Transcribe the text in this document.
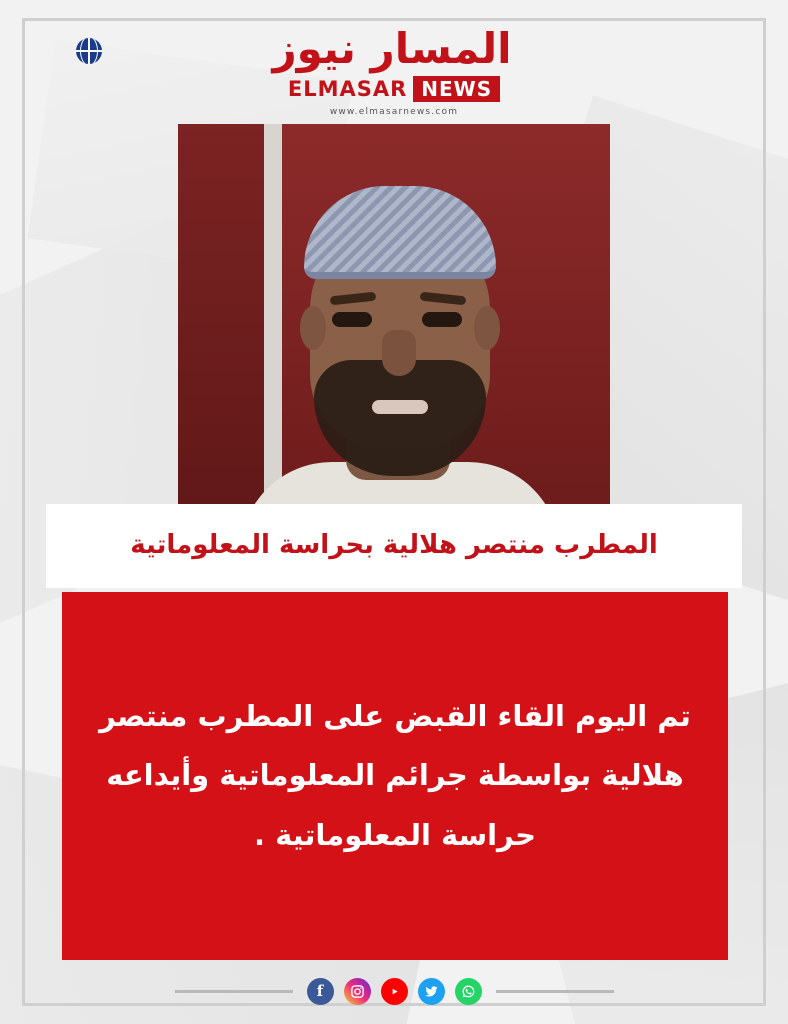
المسار نيوز
ELMASAR NEWS
www.elmasarnews.com
المطرب منتصر هلالية بحراسة المعلوماتية
تم اليوم القاء القبض على المطرب منتصر هلالية بواسطة جرائم المعلوماتية وأيداعه حراسة المعلوماتية .
f
